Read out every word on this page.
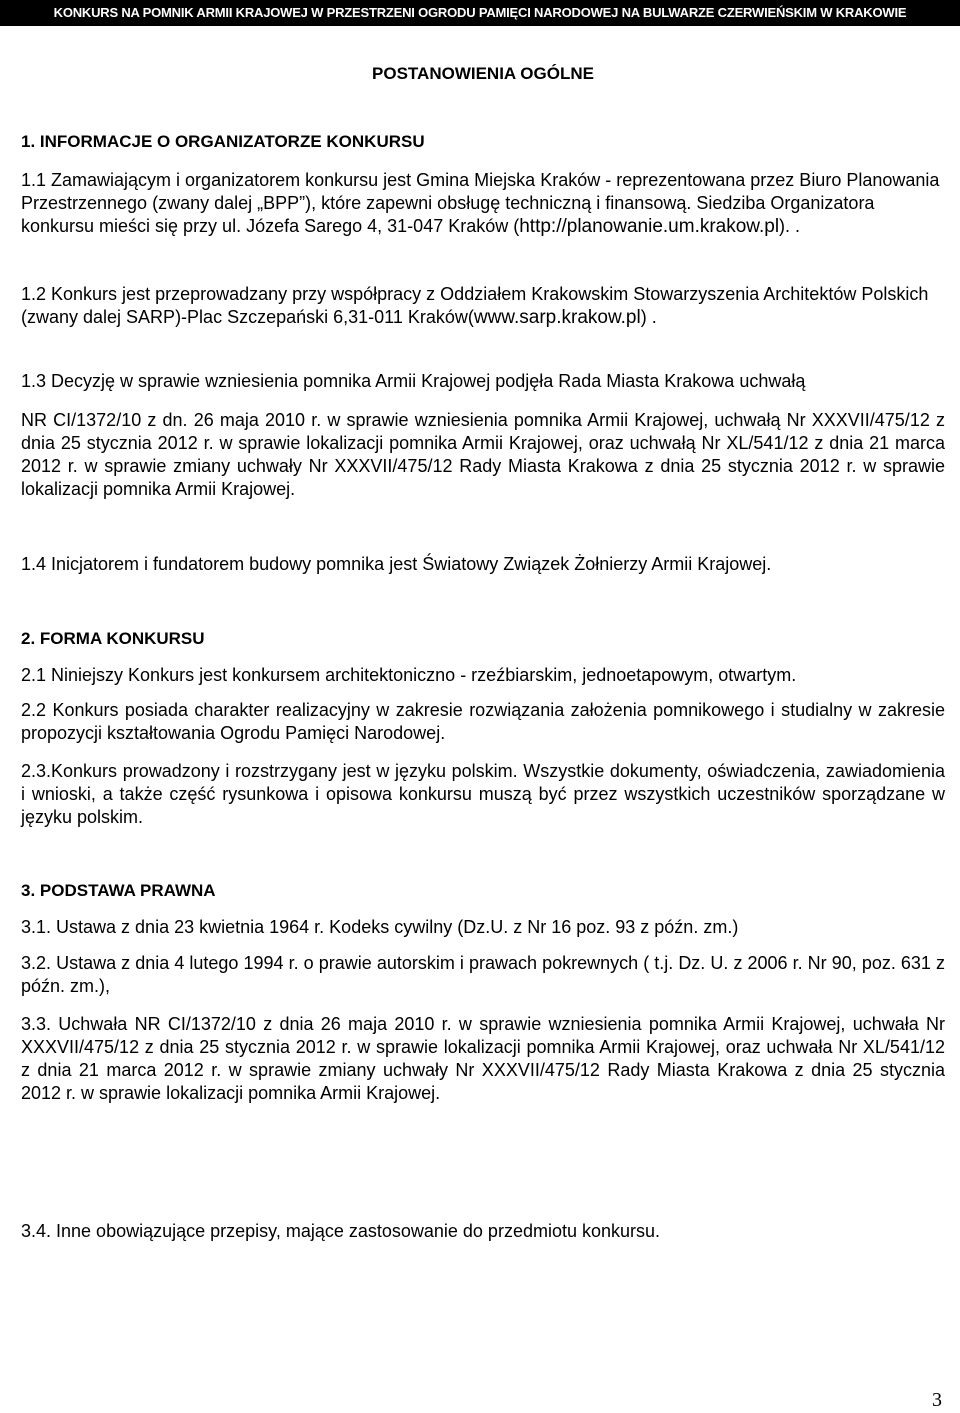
KONKURS NA POMNIK ARMII KRAJOWEJ W PRZESTRZENI OGRODU PAMIĘCI NARODOWEJ NA BULWARZE CZERWIEŃSKIM W KRAKOWIE
POSTANOWIENIA OGÓLNE
1. INFORMACJE O ORGANIZATORZE KONKURSU
1.1 Zamawiającym i organizatorem konkursu jest Gmina Miejska Kraków - reprezentowana przez Biuro Planowania Przestrzennego (zwany dalej „BPP”), które zapewni obsługę techniczną i finansową. Siedziba Organizatora konkursu mieści się przy ul. Józefa Sarego 4, 31-047 Kraków (http://planowanie.um.krakow.pl). .
1.2 Konkurs jest przeprowadzany przy współpracy z Oddziałem Krakowskim Stowarzyszenia Architektów Polskich (zwany dalej SARP)-Plac Szczepański 6,31-011 Kraków(www.sarp.krakow.pl) .
1.3 Decyzję w sprawie wzniesienia pomnika Armii Krajowej podjęła Rada Miasta Krakowa uchwałą
NR CI/1372/10 z dn. 26 maja 2010 r. w sprawie wzniesienia pomnika Armii Krajowej, uchwałą Nr XXXVII/475/12 z dnia 25 stycznia 2012 r. w sprawie lokalizacji pomnika Armii Krajowej, oraz uchwałą Nr XL/541/12 z dnia 21 marca 2012 r. w sprawie zmiany uchwały Nr XXXVII/475/12 Rady Miasta Krakowa z dnia 25 stycznia 2012 r. w sprawie lokalizacji pomnika Armii Krajowej.
1.4 Inicjatorem i fundatorem budowy pomnika jest Światowy Związek Żołnierzy Armii Krajowej.
2. FORMA KONKURSU
2.1 Niniejszy Konkurs jest konkursem architektoniczno - rzeźbiarskim, jednoetapowym, otwartym.
2.2 Konkurs posiada charakter realizacyjny w zakresie rozwiązania założenia pomnikowego i studialny w zakresie propozycji kształtowania Ogrodu Pamięci Narodowej.
2.3.Konkurs prowadzony i rozstrzygany jest w języku polskim. Wszystkie dokumenty, oświadczenia, zawiadomienia i wnioski, a także część rysunkowa i opisowa konkursu muszą być przez wszystkich uczestników sporządzane w języku polskim.
3. PODSTAWA PRAWNA
3.1. Ustawa z dnia 23 kwietnia 1964 r. Kodeks cywilny (Dz.U. z Nr 16 poz. 93 z późn. zm.)
3.2. Ustawa z dnia 4 lutego 1994 r. o prawie autorskim i prawach pokrewnych ( t.j. Dz. U. z 2006 r. Nr 90, poz. 631 z późn. zm.),
3.3. Uchwała NR CI/1372/10 z dnia 26 maja 2010 r. w sprawie wzniesienia pomnika Armii Krajowej, uchwała Nr XXXVII/475/12 z dnia 25 stycznia 2012 r. w sprawie lokalizacji pomnika Armii Krajowej, oraz uchwała Nr XL/541/12 z dnia 21 marca 2012 r. w sprawie zmiany uchwały Nr XXXVII/475/12 Rady Miasta Krakowa z dnia 25 stycznia 2012 r. w sprawie lokalizacji pomnika Armii Krajowej.
3.4. Inne obowiązujące przepisy, mające zastosowanie do przedmiotu konkursu.
3
